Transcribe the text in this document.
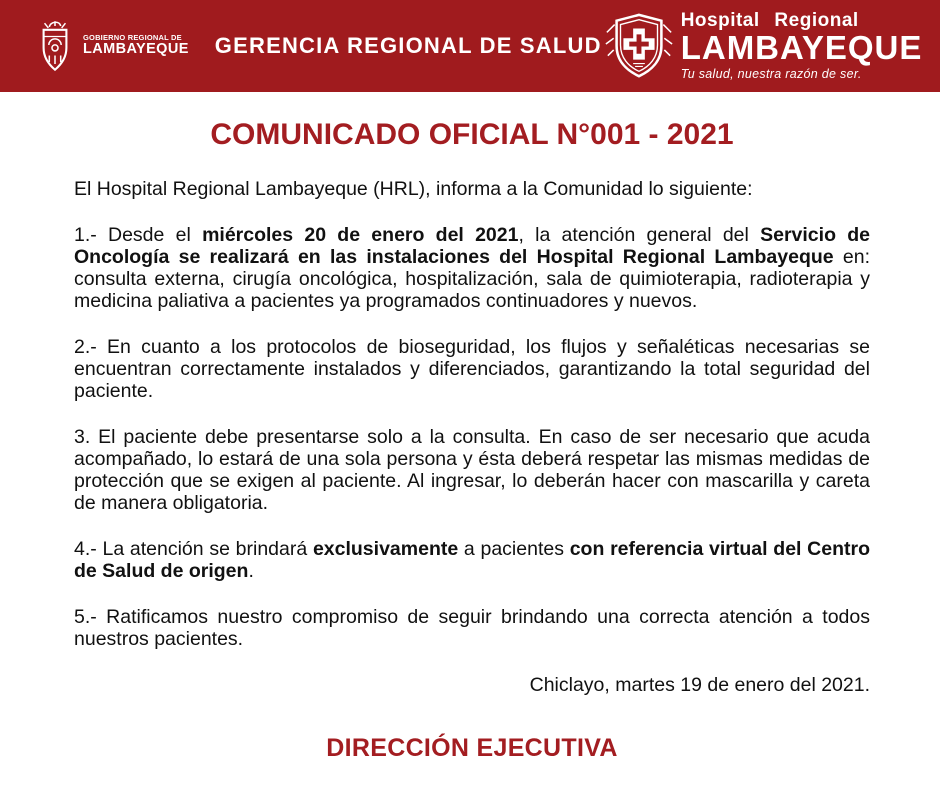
GOBIERNO REGIONAL DE
LAMBAYEQUE GERENCIA REGIONAL DE SALUD
Hospital Regional
LAMBAYEQUE
Tu salud, nuestra razón de ser.
COMUNICADO OFICIAL N°001 - 2021

El Hospital Regional Lambayeque (HRL), informa a la Comunidad lo siguiente:

1.- Desde el miércoles 20 de enero del 2021, la atención general del Servicio de Oncología se realizará en las instalaciones del Hospital Regional Lambayeque en: consulta externa, cirugía oncológica, hospitalización, sala de quimioterapia, radioterapia y medicina paliativa a pacientes ya programados continuadores y nuevos.

2.- En cuanto a los protocolos de bioseguridad, los flujos y señaléticas necesarias se encuentran correctamente instalados y diferenciados, garantizando la total seguridad del paciente.

3. El paciente debe presentarse solo a la consulta. En caso de ser necesario que acuda acompañado, lo estará de una sola persona y ésta deberá respetar las mismas medidas de protección que se exigen al paciente. Al ingresar, lo deberán hacer con mascarilla y careta de manera obligatoria.

4.- La atención se brindará exclusivamente a pacientes con referencia virtual del Centro de Salud de origen.

5.- Ratificamos nuestro compromiso de seguir brindando una correcta atención a todos nuestros pacientes.

Chiclayo, martes 19 de enero del 2021.

DIRECCIÓN EJECUTIVA
